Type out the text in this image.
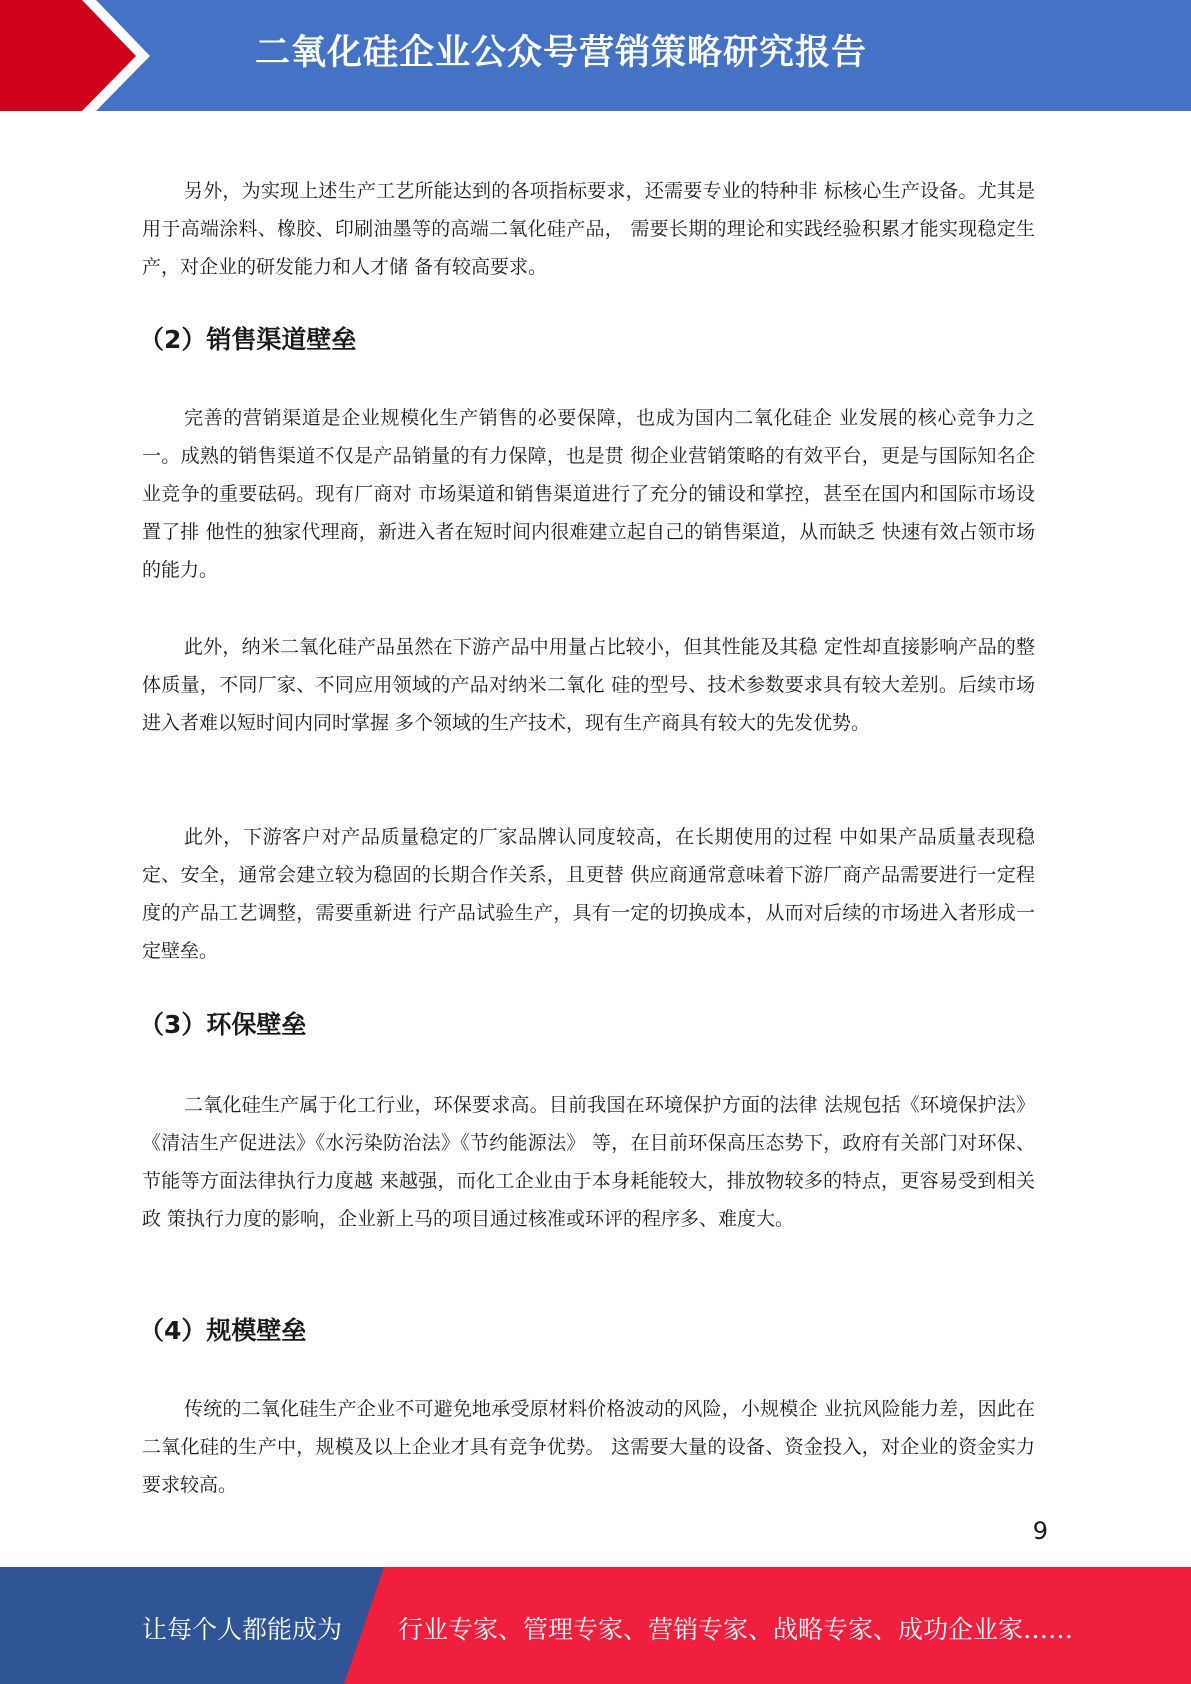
二氧化硅企业公众号营销策略研究报告

另外，为实现上述生产工艺所能达到的各项指标要求，还需要专业的特种非 标核心生产设备。尤其是用于高端涂料、橡胶、印刷油墨等的高端二氧化硅产品， 需要长期的理论和实践经验积累才能实现稳定生产，对企业的研发能力和人才储 备有较高要求。

（2）销售渠道壁垒

完善的营销渠道是企业规模化生产销售的必要保障，也成为国内二氧化硅企 业发展的核心竞争力之一。成熟的销售渠道不仅是产品销量的有力保障，也是贯 彻企业营销策略的有效平台，更是与国际知名企业竞争的重要砝码。现有厂商对 市场渠道和销售渠道进行了充分的铺设和掌控，甚至在国内和国际市场设置了排 他性的独家代理商，新进入者在短时间内很难建立起自己的销售渠道，从而缺乏 快速有效占领市场的能力。

此外，纳米二氧化硅产品虽然在下游产品中用量占比较小，但其性能及其稳 定性却直接影响产品的整体质量，不同厂家、不同应用领域的产品对纳米二氧化 硅的型号、技术参数要求具有较大差别。后续市场进入者难以短时间内同时掌握 多个领域的生产技术，现有生产商具有较大的先发优势。

此外，下游客户对产品质量稳定的厂家品牌认同度较高，在长期使用的过程 中如果产品质量表现稳定、安全，通常会建立较为稳固的长期合作关系，且更替 供应商通常意味着下游厂商产品需要进行一定程度的产品工艺调整，需要重新进 行产品试验生产，具有一定的切换成本，从而对后续的市场进入者形成一定壁垒。

（3）环保壁垒

二氧化硅生产属于化工行业，环保要求高。目前我国在环境保护方面的法律 法规包括《环境保护法》《清洁生产促进法》《水污染防治法》《节约能源法》 等，在目前环保高压态势下，政府有关部门对环保、节能等方面法律执行力度越 来越强，而化工企业由于本身耗能较大，排放物较多的特点，更容易受到相关政 策执行力度的影响，企业新上马的项目通过核准或环评的程序多、难度大。

（4）规模壁垒

传统的二氧化硅生产企业不可避免地承受原材料价格波动的风险，小规模企 业抗风险能力差，因此在二氧化硅的生产中，规模及以上企业才具有竞争优势。 这需要大量的设备、资金投入，对企业的资金实力要求较高。

9
让每个人都能成为 行业专家、管理专家、营销专家、战略专家、成功企业家……
